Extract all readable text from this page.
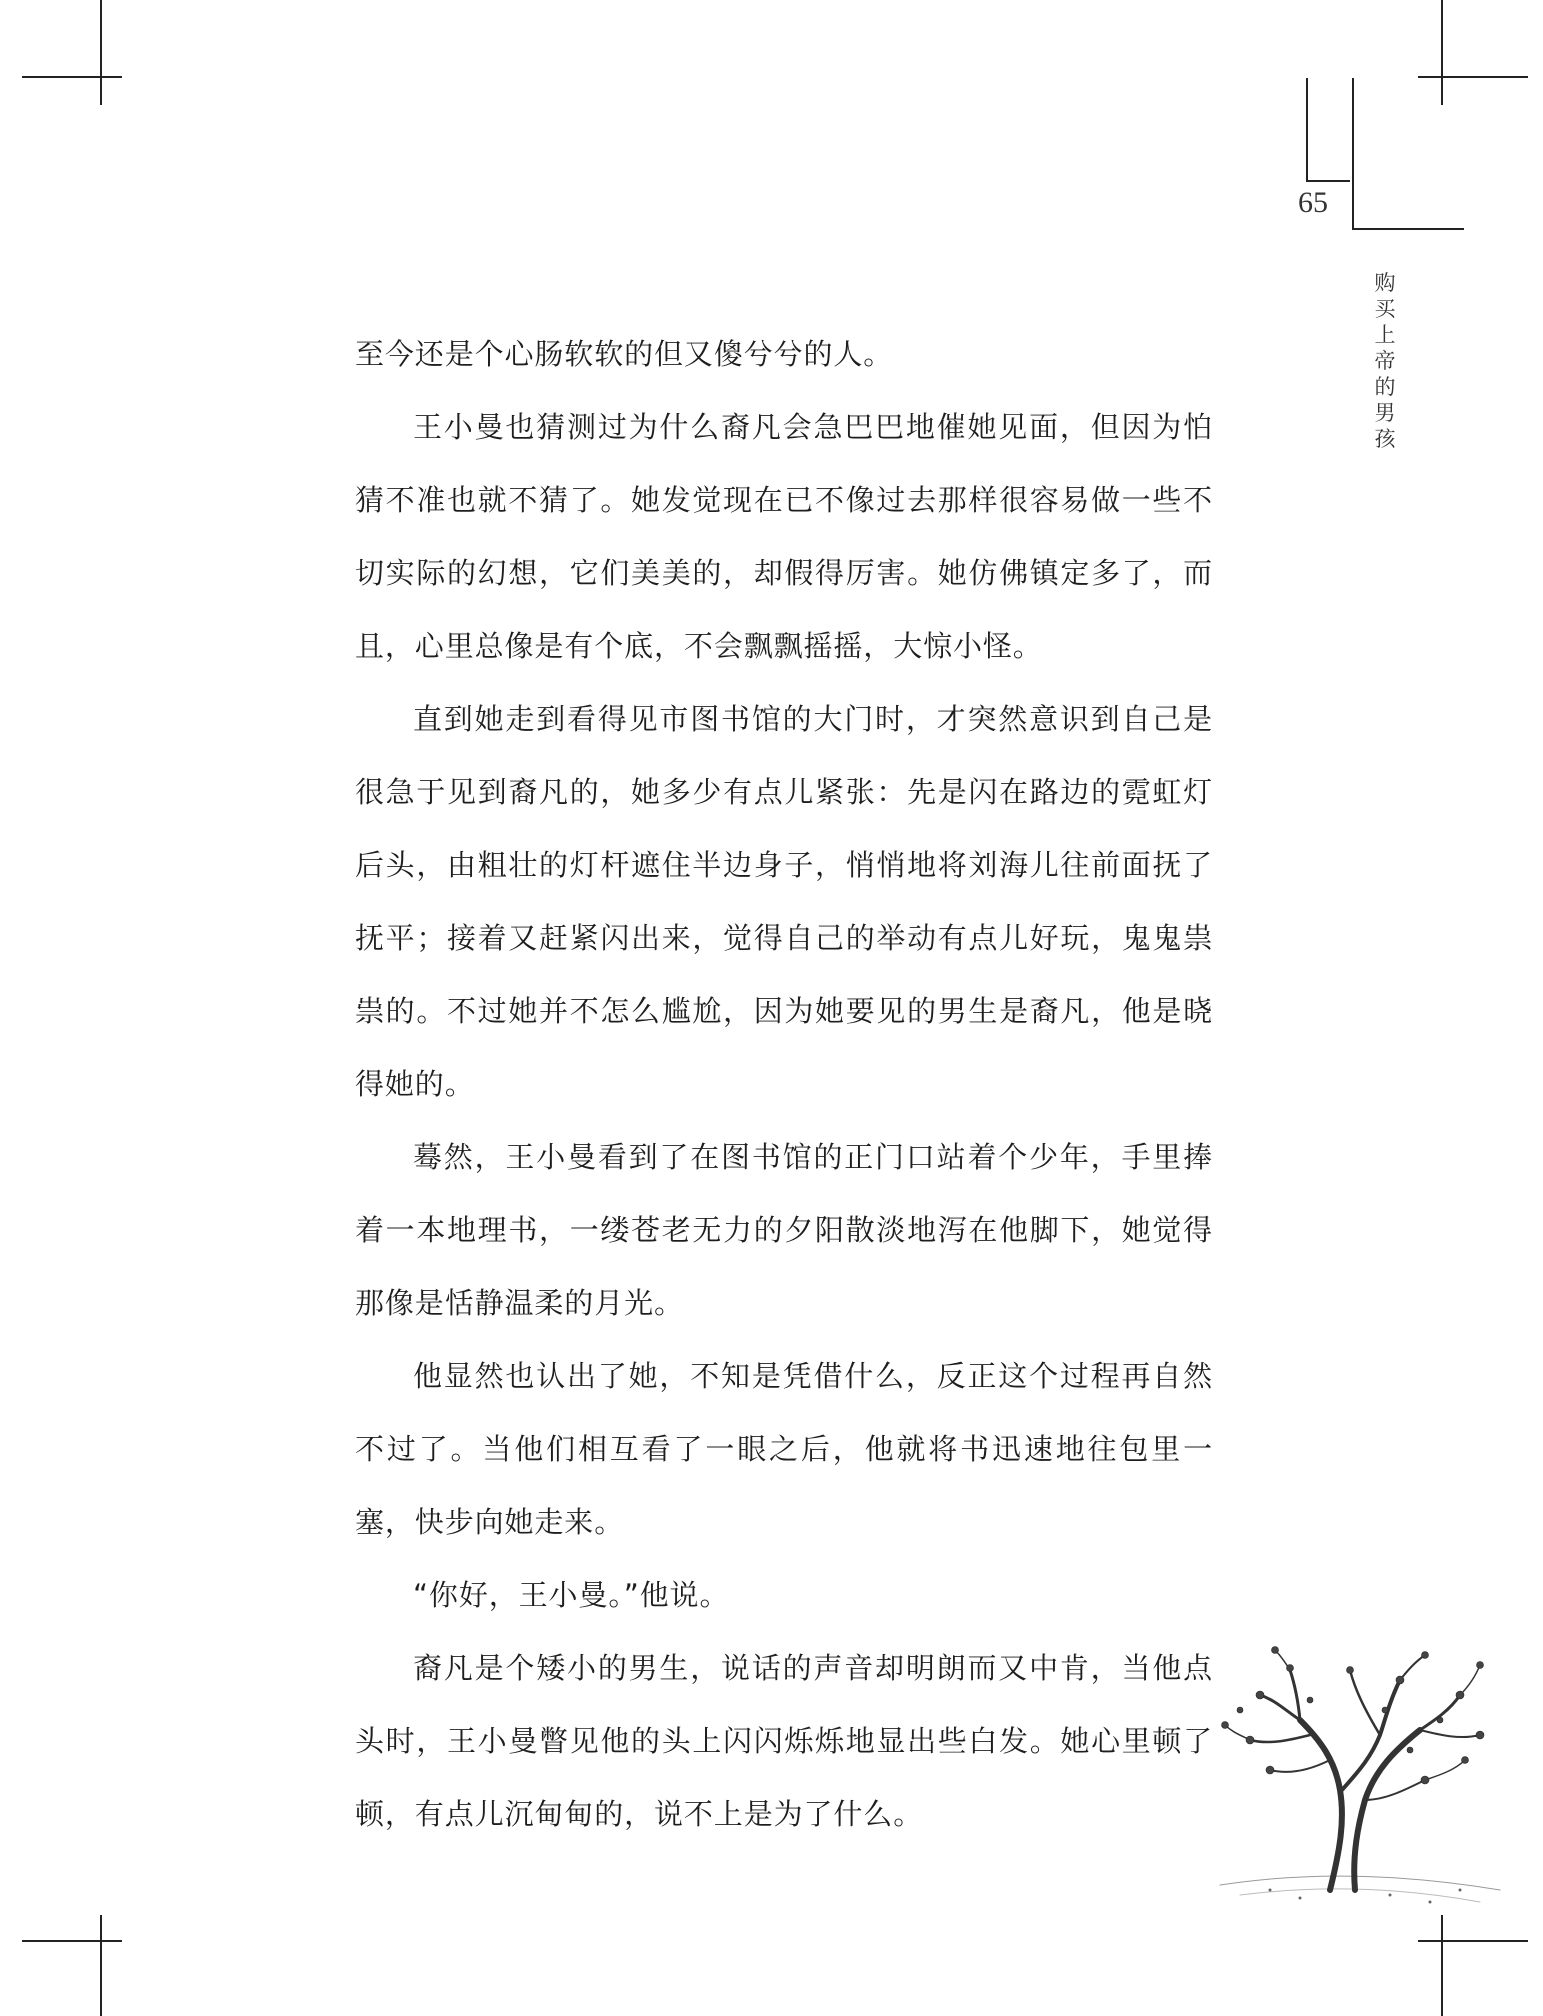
65
购
买
上
帝
的
男
孩

至今还是个心肠软软的但又傻兮兮的人。

王小曼也猜测过为什么裔凡会急巴巴地催她见面，但因为怕猜不准也就不猜了。她发觉现在已不像过去那样很容易做一些不切实际的幻想，它们美美的，却假得厉害。她仿佛镇定多了，而且，心里总像是有个底，不会飘飘摇摇，大惊小怪。

直到她走到看得见市图书馆的大门时，才突然意识到自己是很急于见到裔凡的，她多少有点儿紧张：先是闪在路边的霓虹灯后头，由粗壮的灯杆遮住半边身子，悄悄地将刘海儿往前面抚了抚平；接着又赶紧闪出来，觉得自己的举动有点儿好玩，鬼鬼祟祟的。不过她并不怎么尴尬，因为她要见的男生是裔凡，他是晓得她的。

蓦然，王小曼看到了在图书馆的正门口站着个少年，手里捧着一本地理书，一缕苍老无力的夕阳散淡地泻在他脚下，她觉得那像是恬静温柔的月光。

他显然也认出了她，不知是凭借什么，反正这个过程再自然不过了。当他们相互看了一眼之后，他就将书迅速地往包里一塞，快步向她走来。

“你好，王小曼。”他说。

裔凡是个矮小的男生，说话的声音却明朗而又中肯，当他点头时，王小曼瞥见他的头上闪闪烁烁地显出些白发。她心里顿了顿，有点儿沉甸甸的，说不上是为了什么。
